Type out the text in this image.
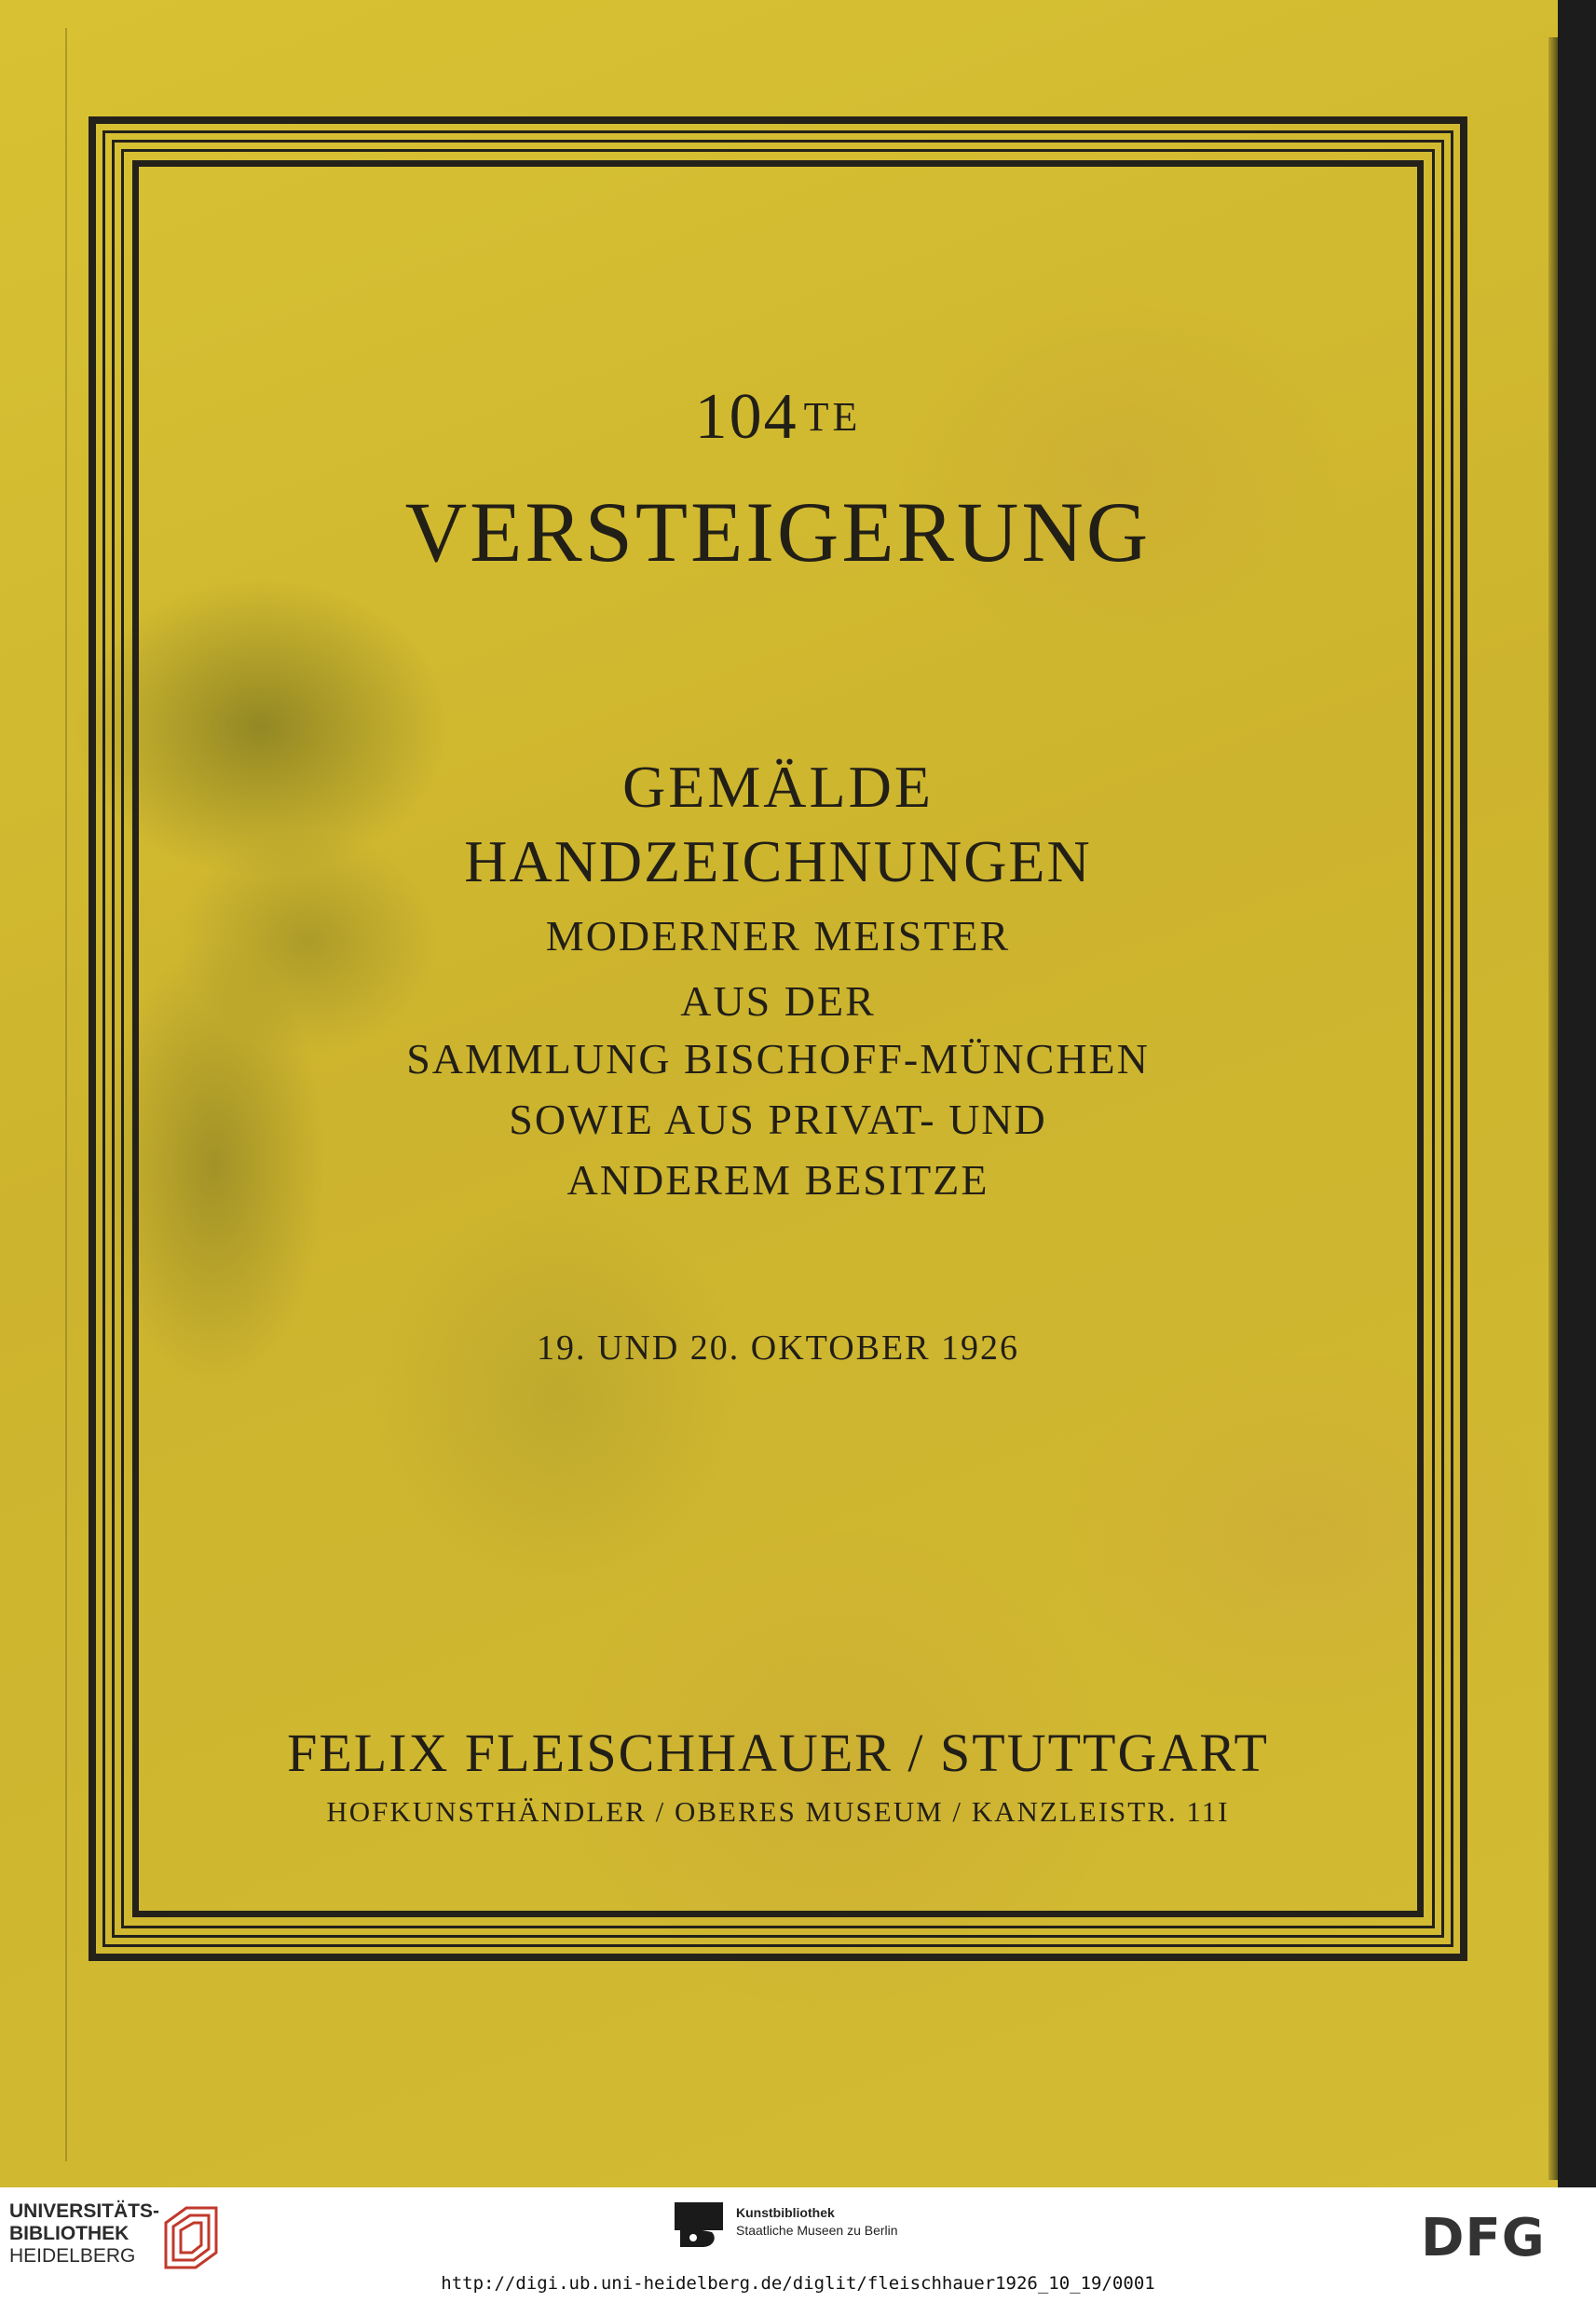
104 TE
VERSTEIGERUNG
GEMÄLDE
HANDZEICHNUNGEN
MODERNER MEISTER
AUS DER
SAMMLUNG BISCHOFF-MÜNCHEN
SOWIE AUS PRIVAT- UND
ANDEREM BESITZE
19. UND 20. OKTOBER 1926
FELIX FLEISCHHAUER / STUTTGART
HOFKUNSTHÄNDLER / OBERES MUSEUM / KANZLEISTR. 11I
UNIVERSITÄTS-
BIBLIOTHEK
HEIDELBERG
Kunstbibliothek
Staatliche Museen zu Berlin	DFG
http://digi.ub.uni-heidelberg.de/diglit/fleischhauer1926_10_19/0001
